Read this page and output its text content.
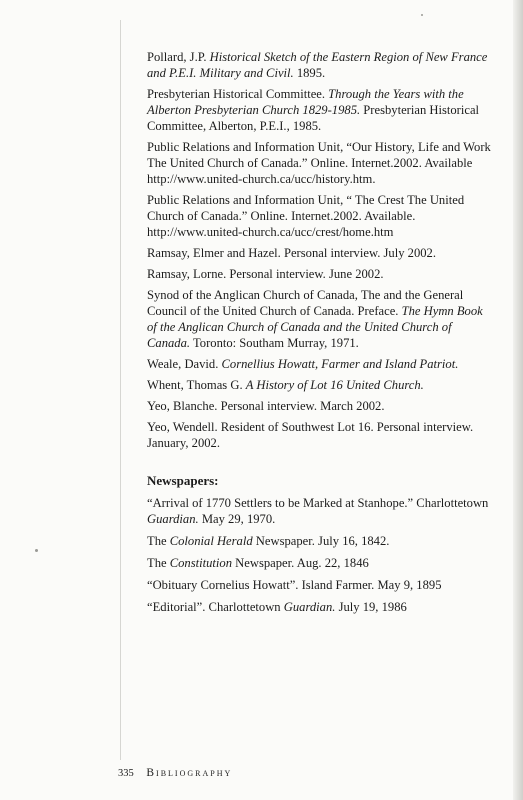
Pollard, J.P. Historical Sketch of the Eastern Region of New France and P.E.I. Military and Civil. 1895.

Presbyterian Historical Committee. Through the Years with the Alberton Presbyterian Church 1829-1985. Presbyterian Historical Committee, Alberton, P.E.I., 1985.

Public Relations and Information Unit, “Our History, Life and Work The United Church of Canada.” Online. Internet.2002. Available http://www.united-church.ca/ucc/history.htm.

Public Relations and Information Unit, “ The Crest The United Church of Canada.” Online. Internet.2002. Available. http://www.united-church.ca/ucc/crest/home.htm

Ramsay, Elmer and Hazel. Personal interview. July 2002.

Ramsay, Lorne. Personal interview. June 2002.

Synod of the Anglican Church of Canada, The and the General Council of the United Church of Canada. Preface. The Hymn Book of the Anglican Church of Canada and the United Church of Canada. Toronto: Southam Murray, 1971.

Weale, David. Cornellius Howatt, Farmer and Island Patriot.

Whent, Thomas G. A History of Lot 16 United Church.

Yeo, Blanche. Personal interview. March 2002.

Yeo, Wendell. Resident of Southwest Lot 16. Personal interview. January, 2002.

Newspapers:

“Arrival of 1770 Settlers to be Marked at Stanhope.” Charlottetown Guardian. May 29, 1970.

The Colonial Herald Newspaper. July 16, 1842.

The Constitution Newspaper. Aug. 22, 1846

“Obituary Cornelius Howatt”. Island Farmer. May 9, 1895

“Editorial”. Charlottetown Guardian. July 19, 1986

335 Bibliography
